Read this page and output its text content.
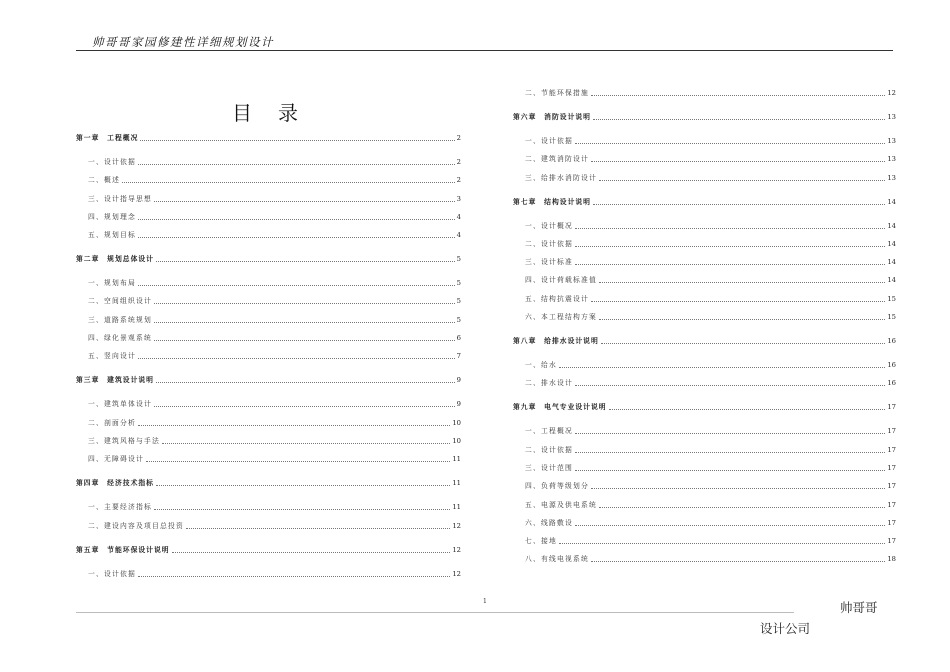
帅哥哥家园修建性详细规划设计
目录
第一章　工程概况	2
一、设计依据	2
二、概述	2
三、设计指导思想	3
四、规划理念	4
五、规划目标	4
第二章　规划总体设计	5
一、规划布局	5
二、空间组织设计	5
三、道路系统规划	5
四、绿化景观系统	6
五、竖向设计	7
第三章　建筑设计说明	9
一、建筑单体设计	9
二、剖面分析	10
三、建筑风格与手法	10
四、无障碍设计	11
第四章　经济技术指标	11
一、主要经济指标	11
二、建设内容及项目总投资	12
第五章　节能环保设计说明	12
一、设计依据	12
二、节能环保措施	12
第六章　消防设计说明	13
一、设计依据	13
二、建筑消防设计	13
三、给排水消防设计	13
第七章　结构设计说明	14
一、设计概况	14
二、设计依据	14
三、设计标准	14
四、设计荷载标准值	14
五、结构抗震设计	15
六、本工程结构方案	15
第八章　给排水设计说明	16
一、给水	16
二、排水设计	16
第九章　电气专业设计说明	17
一、工程概况	17
二、设计依据	17
三、设计范围	17
四、负荷等级划分	17
五、电源及供电系统	17
六、线路敷设	17
七、接地	17
八、有线电视系统	18
1	帅哥哥
设计公司
